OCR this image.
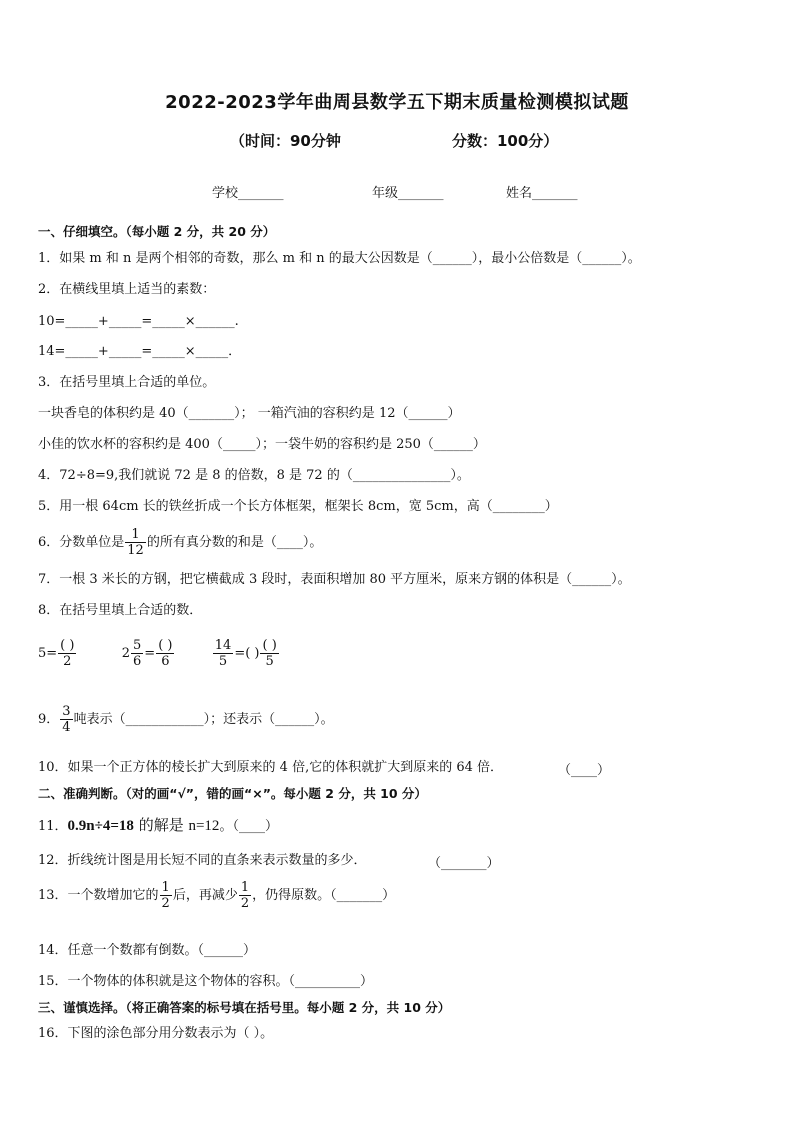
2022-2023学年曲周县数学五下期末质量检测模拟试题
（时间：90分钟	分数：100分）
学校_______	年级_______	姓名_______
一、仔细填空。（每小题 2 分，共 20 分）
1．如果 m 和 n 是两个相邻的奇数，那么 m 和 n 的最大公因数是（______），最小公倍数是（______）。
2．在横线里填上适当的素数：
10=_____+_____=_____×______.
14=_____+_____=_____×_____．
3．在括号里填上合适的单位。
一块香皂的体积约是 40（_______）； 一箱汽油的容积约是 12（______）
小佳的饮水杯的容积约是 400（_____）；一袋牛奶的容积约是 250（______）
4．72÷8=9,我们就说 72 是 8 的倍数，8 是 72 的（_______________）。
5．用一根 64cm 长的铁丝折成一个长方体框架，框架长 8cm，宽 5cm，高（________）
6．分数单位是 $\frac{1}{12}$ 的所有真分数的和是（____）。
7．一根 3 米长的方钢，把它横截成 3 段时，表面积增加 80 平方厘米，原来方钢的体积是（______）。
8．在括号里填上合适的数．
$5= \frac{( )}{2}$	$2 \frac{5}{6} = \frac{( )}{6}$
	$\frac{14}{5}$ =( ) $\frac{( )}{5}$
9． $\frac{3}{4}$ 吨表示（____________）；还表示（______）。
10．如果一个正方体的棱长扩大到原来的 4 倍,它的体积就扩大到原来的 64 倍．	（____）
二、准确判断。（对的画“√”，错的画“×”。每小题 2 分，共 10 分）
11．0.9n÷4=18 的解是 n=12。（____）
12．折线统计图是用长短不同的直条来表示数量的多少．	（_______）
13．一个数增加它的 $\frac{1}{2}$ 后，再减少 $\frac{1}{2}$ ，仍得原数。（_______）
14．任意一个数都有倒数。（______）
15．一个物体的体积就是这个物体的容积。（__________）
三、谨慎选择。（将正确答案的标号填在括号里。每小题 2 分，共 10 分）
16．下图的涂色部分用分数表示为（ ）。
